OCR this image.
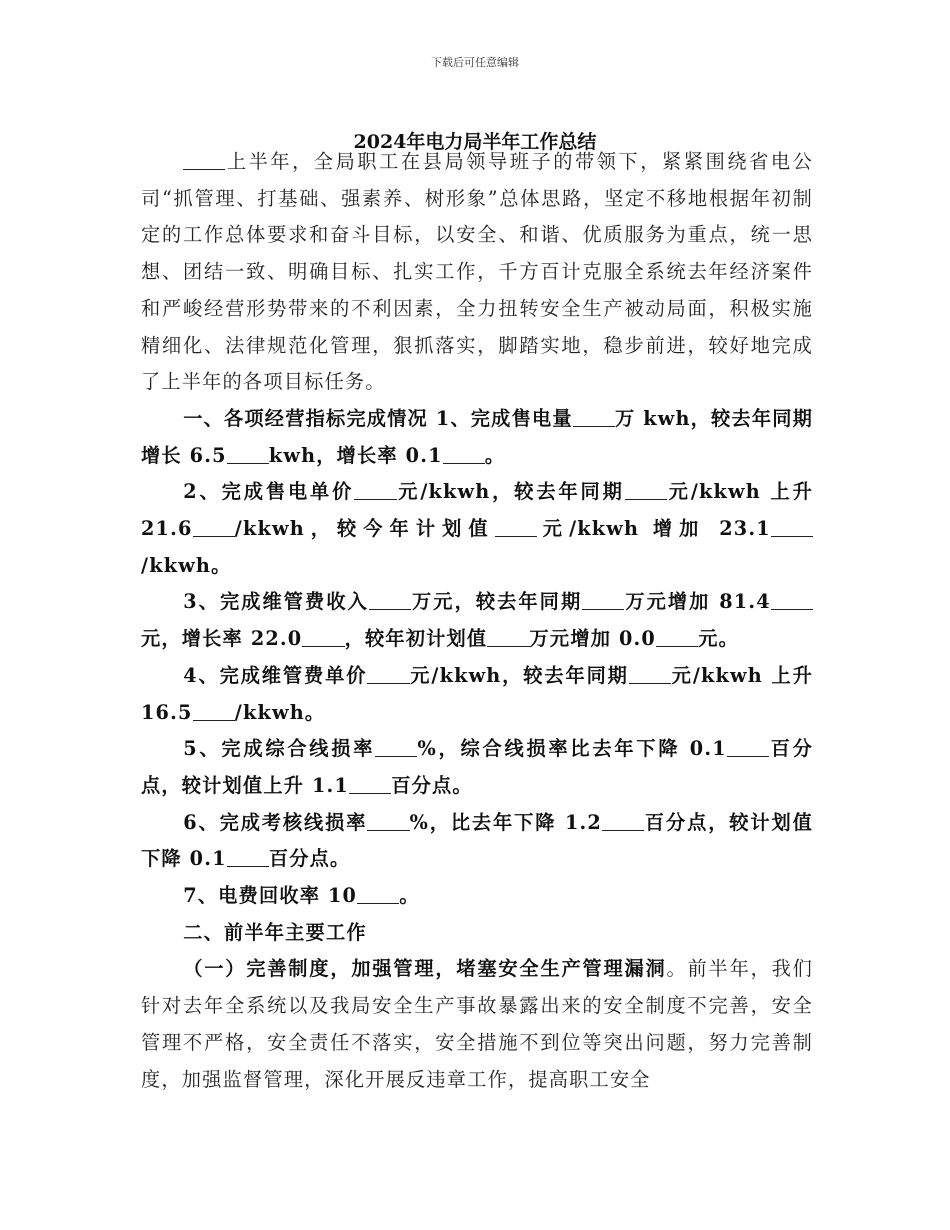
下载后可任意编辑
2024年电力局半年工作总结

上半年，全局职工在县局领导班子的带领下，紧紧围绕省电公司“抓管理、打基础、强素养、树形象”总体思路，坚定不移地根据年初制定的工作总体要求和奋斗目标，以安全、和谐、优质服务为重点，统一思想、团结一致、明确目标、扎实工作，千方百计克服全系统去年经济案件和严峻经营形势带来的不利因素，全力扭转安全生产被动局面，积极实施精细化、法律规范化管理，狠抓落实，脚踏实地，稳步前进，较好地完成了上半年的各项目标任务。

一、各项经营指标完成情况 1、完成售电量 万 kwh，较去年同期增长 6.5 kwh，增长率 0.1 。

2、完成售电单价 元/kkwh，较去年同期 元/kkwh 上升 21.6 /kkwh，较今年计划值 元/kkwh 增加 23.1/kkwh。

3、完成维管费收入 万元，较去年同期 万元增加 81.4元，增长率 22.0 ，较年初计划值 万元增加 0.0 元。

4、完成维管费单价 元/kkwh，较去年同期 元/kkwh 上升 16.5 /kkwh。

5、完成综合线损率 %，综合线损率比去年下降 0.1 百分点，较计划值上升 1.1 百分点。

6、完成考核线损率 %，比去年下降 1.2 百分点，较计划值下降 0.1 百分点。

7、电费回收率 10 。

二、前半年主要工作

（一）完善制度，加强管理，堵塞安全生产管理漏洞。前半年，我们针对去年全系统以及我局安全生产事故暴露出来的安全制度不完善，安全管理不严格，安全责任不落实，安全措施不到位等突出问题，努力完善制度，加强监督管理，深化开展反违章工作，提高职工安全
